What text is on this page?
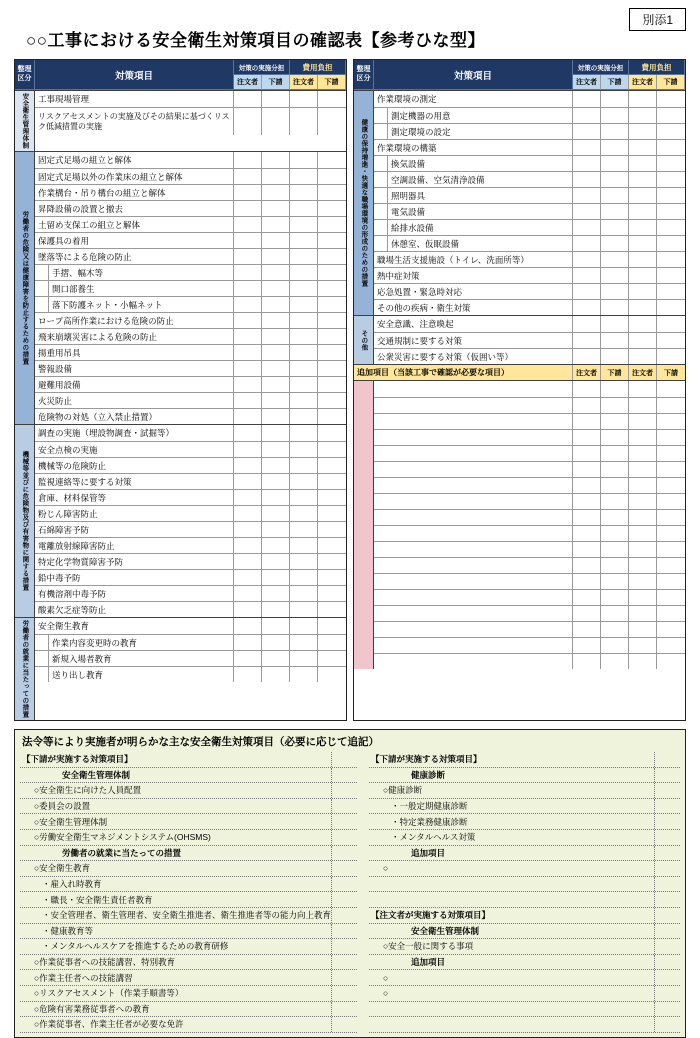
別添1
○○工事における安全衛生対策項目の確認表【参考ひな型】
整理区分	対策項目
対策の実施分担	費用負担
注文者	下請	注文者	下請
安全衛生管理体制	工事現場管理
リスクアセスメントの実施及びその結果に基づくリスク低減措置の実施
労働者の危険又は健康障害を防止するための措置
固定式足場の組立と解体
固定式足場以外の作業床の組立と解体
作業構台・吊り構台の組立と解体
昇降設備の設置と撤去
土留め支保工の組立と解体
保護具の着用
墜落等による危険の防止
手摺、幅木等
開口部養生
落下防護ネット・小幅ネット
ロープ高所作業における危険の防止
飛来崩壊災害による危険の防止
揚重用吊具
警報設備
避難用設備
火災防止
危険物の対処（立入禁止措置）
機械等並びに危険物及び有害物に関する措置
調査の実施（埋設物調査・試掘等）
安全点検の実施
機械等の危険防止
監視連絡等に要する対策
倉庫、材料保管等
粉じん障害防止
石綿障害予防
電離放射線障害防止
特定化学物質障害予防
鉛中毒予防
有機溶剤中毒予防
酸素欠乏症等防止
労働者の就業に当たっての措置	安全衛生教育
作業内容変更時の教育
新規入場者教育
送り出し教育
整理区分	対策項目
対策の実施分担	費用負担
注文者	下請	注文者	下請
健康の保持増進・快適な職場環境の形成のための措置
作業環境の測定
測定機器の用意
測定環境の設定
作業環境の構築
換気設備
空調設備、空気清浄設備
照明器具
電気設備
給排水設備
休憩室、仮眠設備
職場生活支援施設（トイレ、洗面所等）
熱中症対策
応急処置・緊急時対応
その他の疾病・衛生対策
その他
安全意識、注意喚起
交通規制に要する対策
公衆災害に要する対策（仮囲い等）
追加項目（当該工事で確認が必要な項目）	注文者	下請	注文者	下請
法令等により実施者が明らかな主な安全衛生対策項目（必要に応じて追記）
【下請が実施する対策項目】
安全衛生管理体制
○安全衛生に向けた人員配置
○委員会の設置
○安全衛生管理体制
○労働安全衛生マネジメントシステム(OHSMS)
労働者の就業に当たっての措置
○安全衛生教育
・雇入れ時教育
・職長・安全衛生責任者教育
・安全管理者、衛生管理者、安全衛生推進者、衛生推進者等の能力向上教育
・健康教育等
・メンタルヘルスケアを推進するための教育研修
○作業従事者への技能講習、特別教育
○作業主任者への技能講習
○リスクアセスメント（作業手順書等）
○危険有害業務従事者への教育
○作業従事者、作業主任者が必要な免許
【下請が実施する対策項目】
健康診断
○健康診断
・一般定期健康診断
・特定業務健康診断
・メンタルヘルス対策
追加項目
○
【注文者が実施する対策項目】
安全衛生管理体制
○安全一般に関する事項
追加項目
○
○
